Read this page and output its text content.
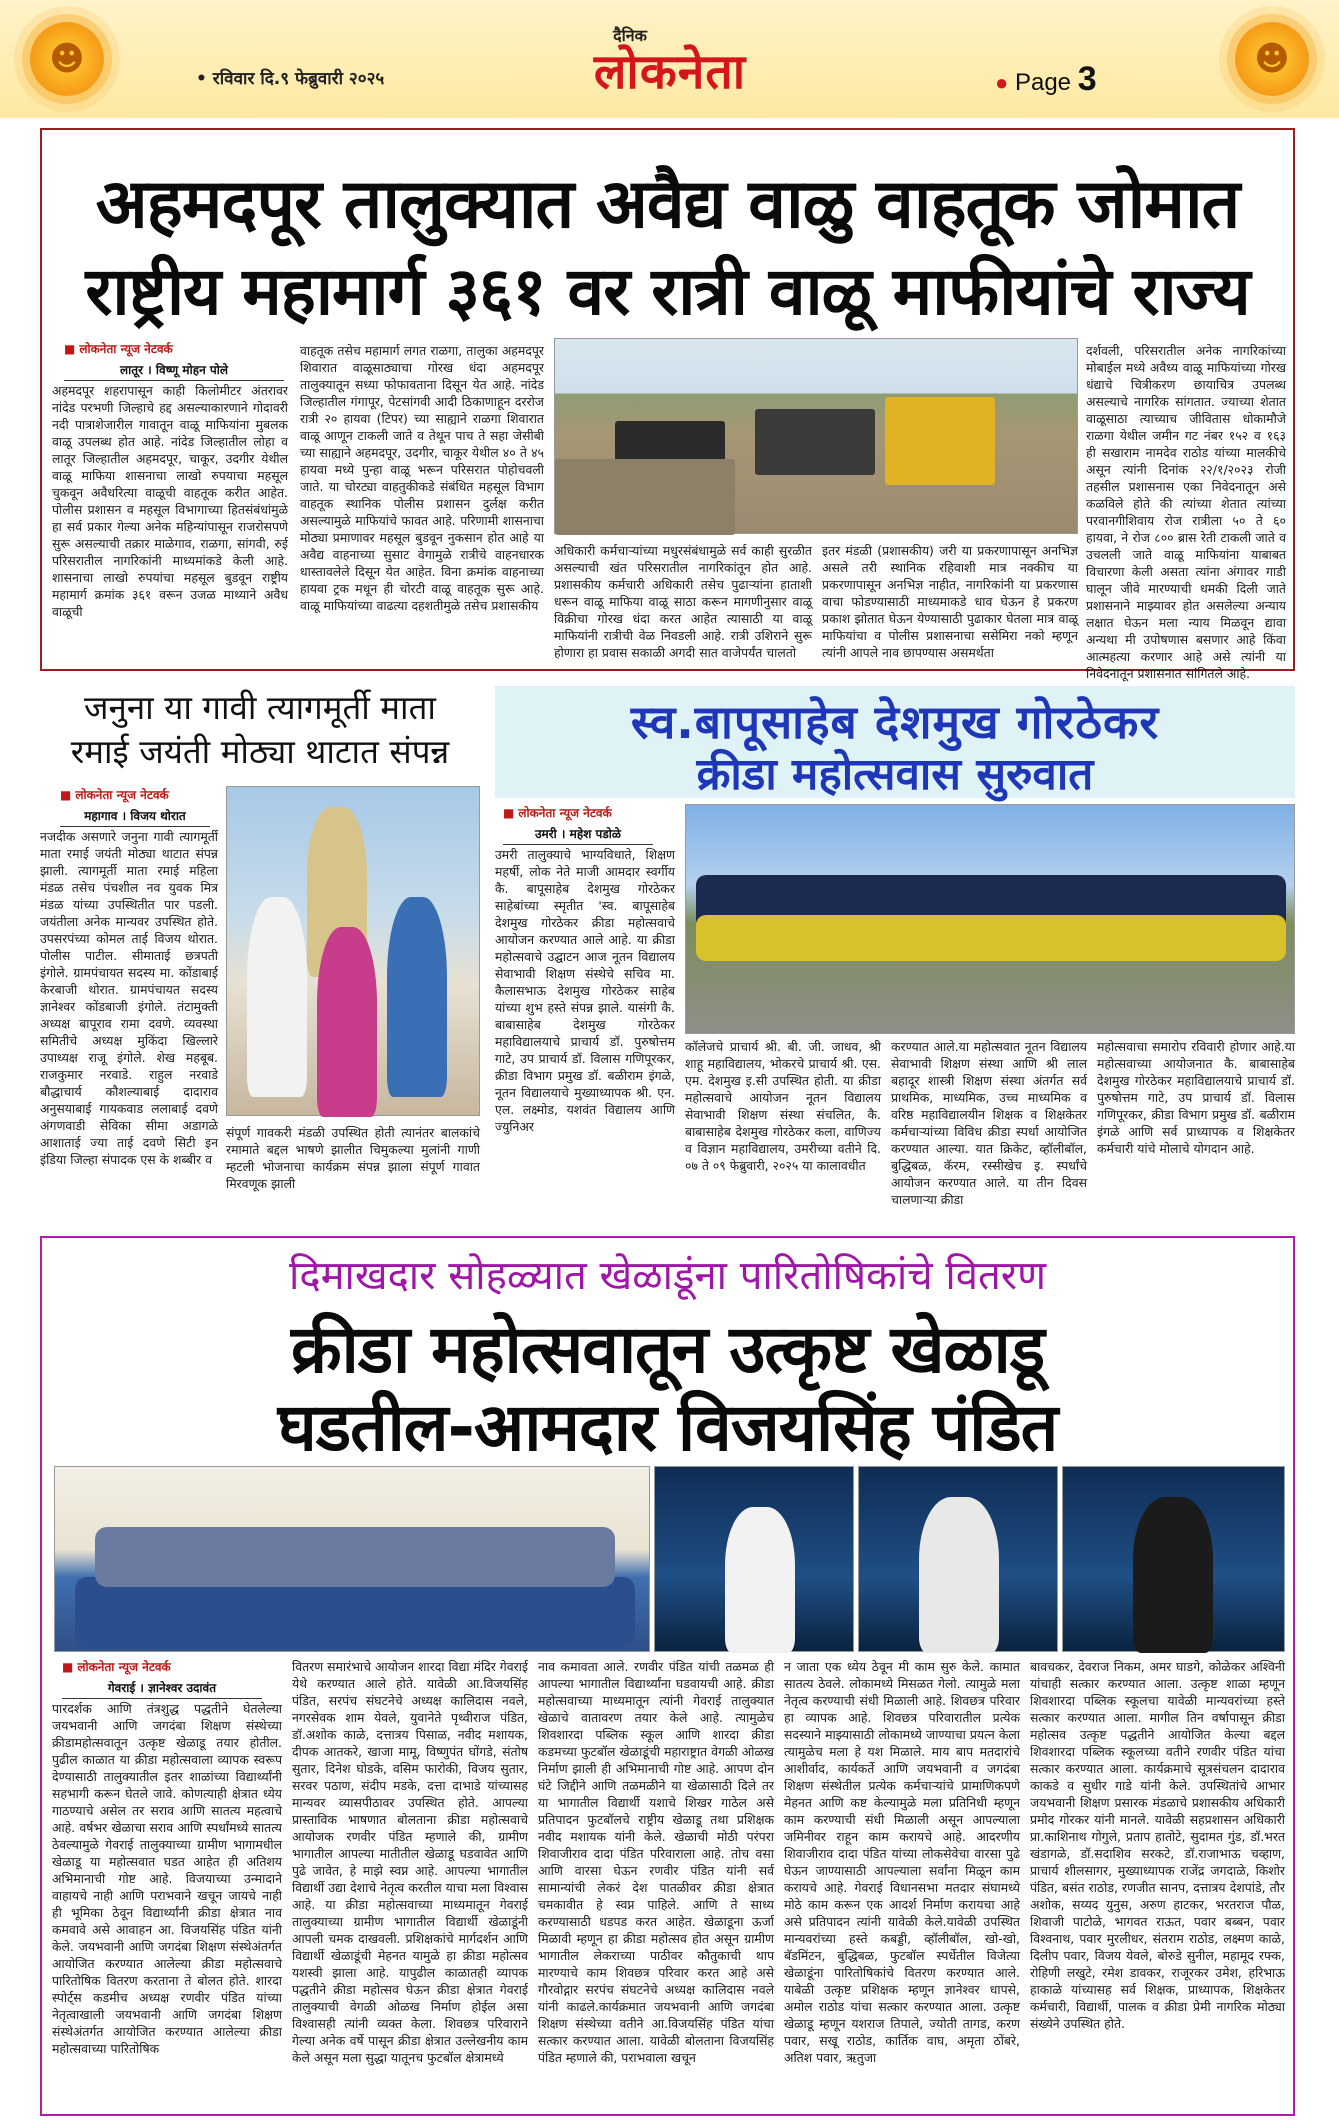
☻	• रविवार दि.९ फेब्रुवारी २०२५
दैनिक
लोकनेता	● Page 3	☻
अहमदपूर तालुक्यात अवैद्य वाळु वाहतूक जोमात
राष्ट्रीय महामार्ग ३६१ वर रात्री वाळू माफीयांचे राज्य
■ लोकनेता न्यूज नेटवर्क
लातूर । विष्णू मोहन पोले
अहमदपूर शहरापासून काही किलोमीटर अंतरावर नांदेड परभणी जिल्हाचे हद्द असल्याकारणाने गोदावरी नदी पात्राशेजारील गावातून वाळू माफियांना मुबलक वाळू उपलब्ध होत आहे. नांदेड जिल्हातील लोहा व लातूर जिल्हातील अहमदपूर, चाकूर, उदगीर येथील वाळू माफिया शासनाचा लाखो रुपयाचा महसूल चुकवून अवैधरित्या वाळूची वाहतूक करीत आहेत. पोलीस प्रशासन व महसूल विभागाच्या हितसंबंधांमुळे हा सर्व प्रकार गेल्या अनेक महिन्यांपासून राजरोसपणे सुरू असल्याची तक्रार माळेगाव, राळगा, सांगवी, रुई परिसरातील नागरिकांनी माध्यमांकडे केली आहे. शासनाचा लाखो रुपयांचा महसूल बुडवून राष्ट्रीय महामार्ग क्रमांक ३६१ वरून उजळ माथ्याने अवैध वाळूची
वाहतूक तसेच महामार्ग लगत राळगा, तालुका अहमदपूर शिवारात वाळूसाठ्याचा गोरख धंदा अहमदपूर तालुक्यातून सध्या फोफावताना दिसून येत आहे. नांदेड जिल्हातील गंगापूर, पेटसांगवी आदी ठिकाणाहून दररोज रात्री २० हायवा (टिपर) च्या साह्याने राळगा शिवारात वाळू आणून टाकली जाते व तेथून पाच ते सहा जेसीबी च्या साह्याने अहमदपूर, उदगीर, चाकूर येथील ४० ते ४५ हायवा मध्ये पुन्हा वाळू भरून परिसरात पोहोचवली जाते. या चोरट्या वाहतुकीकडे संबंधित महसूल विभाग वाहतूक स्थानिक पोलीस प्रशासन दुर्लक्ष करीत असल्यामुळे माफियांचे फावत आहे. परिणामी शासनाचा मोठ्या प्रमाणावर महसूल बुडवून नुकसान होत आहे या अवैद्य वाहनाच्या सुसाट वेगामुळे रात्रीचे वाहनधारक धास्तावलेले दिसून येत आहेत. विना क्रमांक वाहनाच्या हायवा ट्रक मधून ही चोरटी वाळू वाहतूक सुरू आहे. वाळू माफियांच्या वाढत्या दहशतीमुळे तसेच प्रशासकीय
अधिकारी कर्मचाऱ्यांच्या मधुरसंबंधामुळे सर्व काही सुरळीत असल्याची खंत परिसरातील नागरिकांतून होत आहे. प्रशासकीय कर्मचारी अधिकारी तसेच पुढाऱ्यांना हाताशी धरून वाळू माफिया वाळू साठा करून मागणीनुसार वाळू विक्रीचा गोरख धंदा करत आहेत त्यासाठी या वाळू माफियांनी रात्रीची वेळ निवडली आहे. रात्री उशिराने सुरू होणारा हा प्रवास सकाळी अगदी सात वाजेपर्यंत चालतो
इतर मंडळी (प्रशासकीय) जरी या प्रकरणापासून अनभिज्ञ असले तरी स्थानिक रहिवाशी मात्र नक्कीच या प्रकरणापासून अनभिज्ञ नाहीत, नागरिकांनी या प्रकरणास वाचा फोडण्यासाठी माध्यमाकडे धाव घेऊन हे प्रकरण प्रकाश झोतात घेऊन येण्यासाठी पुढाकार घेतला मात्र वाळू माफियांचा व पोलीस प्रशासनाचा ससेमिरा नको म्हणून त्यांनी आपले नाव छापण्यास असमर्थता
दर्शवली, परिसरातील अनेक नागरिकांच्या मोबाईल मध्ये अवैध्य वाळू माफियांच्या गोरख धंद्याचे चित्रीकरण छायाचित्र उपलब्ध असल्याचे नागरिक सांगतात. ज्याच्या शेतात वाळूसाठा त्याच्याच जीवितास धोकामौजे राळगा येथील जमीन गट नंबर १५२ व १६३ ही सखाराम नामदेव राठोड यांच्या मालकीचे असून त्यांनी दिनांक २२/१/२०२३ रोजी तहसील प्रशासनास एका निवेदनातून असे कळविले होते की त्यांच्या शेतात त्यांच्या परवानगीशिवाय रोज रात्रीला ५० ते ६० हायवा, ने रोज ८०० ब्रास रेती टाकली जाते व उचलली जाते वाळू माफियांना याबाबत विचारणा केली असता त्यांना अंगावर गाडी घालून जीवे मारण्याची धमकी दिली जाते प्रशासनाने माझ्यावर होत असलेल्या अन्याय लक्षात घेऊन मला न्याय मिळवून द्यावा अन्यथा मी उपोषणास बसणार आहे किंवा आत्महत्या करणार आहे असे त्यांनी या निवेदनातून प्रशासनात सांगितले आहे.
जनुना या गावी त्यागमूर्ती माता
रमाई जयंती मोठ्या थाटात संपन्न
■ लोकनेता न्यूज नेटवर्क
महागाव । विजय थोरात
नजदीक असणारे जनुना गावी त्यागमूर्ती माता रमाई जयंती मोठ्या थाटात संपन्न झाली. त्यागमूर्ती माता रमाई महिला मंडळ तसेच पंचशील नव युवक मित्र मंडळ यांच्या उपस्थितीत पार पडली. जयंतीला अनेक मान्यवर उपस्थित होते. उपसरपंच्या कोमल ताई विजय थोरात. पोलीस पाटील. सीमाताई छत्रपती इंगोले. ग्रामपंचायत सदस्य मा. कोंडाबाई केरबाजी थोरात. ग्रामपंचायत सदस्य ज्ञानेश्वर कोंडबाजी इंगोले. तंटामुक्ती अध्यक्ष बापूराव रामा दवणे. व्यवस्था समितीचे अध्यक्ष मुकिंदा खिल्लारे उपाध्यक्ष राजू इंगोले. शेख महबूब. राजकुमार नरवाडे. राहुल नरवाडे बौद्धाचार्य कौशल्याबाई दादाराव अनुसयाबाई गायकवाड ललाबाई दवणे अंगणवाडी सेविका सीमा अडागळे आशाताई ज्या ताई दवणे सिटी इन इंडिया जिल्हा संपादक एस के शब्बीर व
संपूर्ण गावकरी मंडळी उपस्थित होती त्यानंतर बालकांचे रमामाते बद्दल भाषणे झालीत चिमुकल्या मुलांनी गाणी म्हटली भोजनाचा कार्यक्रम संपन्न झाला संपूर्ण गावात मिरवणूक झाली
स्व.बापूसाहेब देशमुख गोरठेकर
क्रीडा महोत्सवास सुरुवात
■ लोकनेता न्यूज नेटवर्क
उमरी । महेश पडोळे
उमरी तालुक्याचे भाग्यविधाते, शिक्षण महर्षी, लोक नेते माजी आमदार स्वर्गीय कै. बापूसाहेब देशमुख गोरठेकर साहेबांच्या स्मृतीत 'स्व. बापूसाहेब देशमुख गोरठेकर क्रीडा महोत्सवाचे आयोजन करण्यात आले आहे. या क्रीडा महोत्सवाचे उद्घाटन आज नूतन विद्यालय सेवाभावी शिक्षण संस्थेचे सचिव मा. कैलासभाऊ देशमुख गोरठेकर साहेब यांच्या शुभ हस्ते संपन्न झाले. यासंगी कै. बाबासाहेब देशमुख गोरठेकर महाविद्यालयाचे प्राचार्य डॉ. पुरुषोत्तम गाटे, उप प्राचार्य डॉ. विलास गणिपूरकर, क्रीडा विभाग प्रमुख डॉ. बळीराम इंगळे, नूतन विद्यालयाचे मुख्याध्यापक श्री. एन. एल. लक्ष्मोड, यशवंत विद्यालय आणि ज्युनिअर
कॉलेजचे प्राचार्य श्री. बी. जी. जाधव, श्री शाहू महाविद्यालय, भोकरचे प्राचार्य श्री. एस. एम. देशमुख इ.सी उपस्थित होती. या क्रीडा महोत्सवाचे आयोजन नूतन विद्यालय सेवाभावी शिक्षण संस्था संचलित, कै. बाबासाहेब देशमुख गोरठेकर कला, वाणिज्य व विज्ञान महाविद्यालय, उमरीच्या वतीने दि. ०७ ते ०९ फेब्रुवारी, २०२५ या कालावधीत
करण्यात आले.या महोत्सवात नूतन विद्यालय सेवाभावी शिक्षण संस्था आणि श्री लाल बहादूर शास्त्री शिक्षण संस्था अंतर्गत सर्व प्राथमिक, माध्यमिक, उच्च माध्यमिक व वरिष्ठ महाविद्यालयीन शिक्षक व शिक्षकेतर कर्मचाऱ्यांच्या विविध क्रीडा स्पर्धा आयोजित करण्यात आल्या. यात क्रिकेट, व्हॉलीबॉल, बुद्धिबळ, कॅरम, रस्सीखेच इ. स्पर्धांचे आयोजन करण्यात आले. या तीन दिवस चालणाऱ्या क्रीडा
महोत्सवाचा समारोप रविवारी होणार आहे.या महोत्सवाच्या आयोजनात कै. बाबासाहेब देशमुख गोरठेकर महाविद्यालयाचे प्राचार्य डॉ. पुरुषोत्तम गाटे, उप प्राचार्य डॉ. विलास गणिपूरकर, क्रीडा विभाग प्रमुख डॉ. बळीराम इंगळे आणि सर्व प्राध्यापक व शिक्षकेतर कर्मचारी यांचे मोलाचे योगदान आहे.
दिमाखदार सोहळ्यात खेळाडूंना पारितोषिकांचे वितरण
क्रीडा महोत्सवातून उत्कृष्ट खेळाडू
घडतील-आमदार विजयसिंह पंडित
■ लोकनेता न्यूज नेटवर्क
गेवराई । ज्ञानेश्वर उदावंत
पारदर्शक आणि तंत्रशुद्ध पद्धतीने घेतलेल्या जयभवानी आणि जगदंबा शिक्षण संस्थेच्या क्रीडामहोत्सवातून उत्कृष्ट खेळाडू तयार होतील. पुढील काळात या क्रीडा महोत्सवाला व्यापक स्वरूप देण्यासाठी तालुक्यातील इतर शाळांच्या विद्यार्थ्यांनी सहभागी करून घेतले जावे. कोणत्याही क्षेत्रात ध्येय गाठण्याचे असेल तर सराव आणि सातत्य महत्वाचे आहे. वर्षभर खेळाचा सराव आणि स्पर्धांमध्ये सातत्य ठेवल्यामुळे गेवराई तालुक्याच्या ग्रामीण भागामधील खेळाडू या महोत्सवात घडत आहेत ही अतिशय अभिमानाची गोष्ट आहे. विजयाच्या उन्मादाने वाहायचे नाही आणि पराभवाने खचून जायचे नाही ही भूमिका ठेवून विद्यार्थ्यांनी क्रीडा क्षेत्रात नाव कमवावे असे आवाहन आ. विजयसिंह पंडित यांनी केले. जयभवानी आणि जगदंबा शिक्षण संस्थेअंतर्गत आयोजित करण्यात आलेल्या क्रीडा महोत्सवाचे पारितोषिक वितरण करताना ते बोलत होते. शारदा स्पोर्ट्स कडमीच अध्यक्ष रणवीर पंडित यांच्या नेतृत्वाखाली जयभवानी आणि जगदंबा शिक्षण संस्थेअंतर्गत आयोजित करण्यात आलेल्या क्रीडा महोत्सवाच्या पारितोषिक
वितरण समारंभाचे आयोजन शारदा विद्या मंदिर गेवराई येथे करण्यात आले होते. यावेळी आ.विजयसिंह पंडित, सरपंच संघटनेचे अध्यक्ष कालिदास नवले, नगरसेवक शाम येवले, युवानेते पृथ्वीराज पंडित, डॉ.अशोक काळे, दत्तात्रय पिसाळ, नवीद मशायक, दीपक आतकरे, खाजा मामू, विष्णुपंत घोंगडे, संतोष सुतार, दिनेश घोडके, वसिम फारोकी, विजय सुतार, सरवर पठाण, संदीप मडके, दत्ता दाभाडे यांच्यासह मान्यवर व्यासपीठावर उपस्थित होते. आपल्या प्रास्ताविक भाषणात बोलताना क्रीडा महोत्सवाचे आयोजक रणवीर पंडित म्हणाले की, ग्रामीण भागातील आपल्या मातीतील खेळाडू घडवावेत आणि पुढे जावेत, हे माझे स्वप्न आहे. आपल्या भागातील विद्यार्थी उद्या देशाचे नेतृत्व करतील याचा मला विश्वास आहे. या क्रीडा महोत्सवाच्या माध्यमातून गेवराई तालुक्याच्या ग्रामीण भागातील विद्यार्थी खेळाडूंनी आपली चमक दाखवली. प्रशिक्षकांचे मार्गदर्शन आणि विद्यार्थी खेळाडूंची मेहनत यामुळे हा क्रीडा महोत्सव यशस्वी झाला आहे. यापुढील काळातही व्यापक पद्धतीने क्रीडा महोत्सव घेऊन क्रीडा क्षेत्रात गेवराई तालुक्याची वेगळी ओळख निर्माण होईल असा विश्वासही त्यांनी व्यक्त केला. शिवछत्र परिवाराने गेल्या अनेक वर्षे पासून क्रीडा क्षेत्रात उल्लेखनीय काम केले असून मला सुद्धा यातूनच फुटबॉल क्षेत्रामध्ये
नाव कमावता आले. रणवीर पंडित यांची तळमळ ही आपल्या भागातील विद्यार्थ्यांना घडवायची आहे. क्रीडा महोत्सवाच्या माध्यमातून त्यांनी गेवराई तालुक्यात खेळाचे वातावरण तयार केले आहे. त्यामुळेच शिवशारदा पब्लिक स्कूल आणि शारदा क्रीडा कडमच्या फुटबॉल खेळाडूंची महाराष्ट्रात वेगळी ओळख निर्माण झाली ही अभिमानाची गोष्ट आहे. आपण दोन घंटे जिद्दीने आणि तळमळीने या खेळासाठी दिले तर या भागातील विद्यार्थी यशाचे शिखर गाठेल असे प्रतिपादन फुटबॉलचे राष्ट्रीय खेळाडू तथा प्रशिक्षक नवीद मशायक यांनी केले. खेळाची मोठी परंपरा शिवाजीराव दादा पंडित परिवाराला आहे. तोच वसा आणि वारसा घेऊन रणवीर पंडित यांनी सर्व सामान्यांची लेकरं देश पातळीवर क्रीडा क्षेत्रात चमकावीत हे स्वप्न पाहिले. आणि ते साध्य करण्यासाठी धडपड करत आहेत. खेळाडूना ऊर्जा मिळावी म्हणून हा क्रीडा महोत्सव होत असून ग्रामीण भागातील लेकराच्या पाठीवर कौतुकाची थाप मारण्याचे काम शिवछत्र परिवार करत आहे असे गौरवोद्गार सरपंच संघटनेचे अध्यक्ष कालिदास नवले यांनी काढले.कार्यक्रमात जयभवानी आणि जगदंबा शिक्षण संस्थेच्या वतीने आ.विजयसिंह पंडित यांचा सत्कार करण्यात आला. यावेळी बोलताना विजयसिंह पंडित म्हणाले की, पराभवाला खचून
न जाता एक ध्येय ठेवून मी काम सुरु केले. कामात सातत्य ठेवले. लोकामध्ये मिसळत गेलो. त्यामुळे मला नेतृत्व करण्याची संधी मिळाली आहे. शिवछत्र परिवार हा व्यापक आहे. शिवछत्र परिवारातील प्रत्येक सदस्याने माझ्यासाठी लोकामध्ये जाण्याचा प्रयत्न केला त्यामुळेच मला हे यश मिळाले. माय बाप मतदारांचे आशीर्वाद, कार्यकर्ते आणि जयभवानी व जगदंबा शिक्षण संस्थेतील प्रत्येक कर्मचाऱ्यांचे प्रामाणिकपणे मेहनत आणि कष्ट केल्यामुळे मला प्रतिनिधी म्हणून काम करण्याची संधी मिळाली असून आपल्याला जमिनीवर राहून काम करायचे आहे. आदरणीय शिवाजीराव दादा पंडित यांच्या लोकसेवेचा वारसा पुढे घेऊन जाण्यासाठी आपल्याला सर्वांना मिळून काम करायचे आहे. गेवराई विधानसभा मतदार संघामध्ये मोठे काम करून एक आदर्श निर्माण करायचा आहे असे प्रतिपादन त्यांनी यावेळी केले.यावेळी उपस्थित मान्यवरांच्या हस्ते कबड्डी, व्हॉलीबॉल, खो-खो, बॅडमिंटन, बुद्धिबळ, फुटबॉल स्पर्धेतील विजेत्या खेळाडूंना पारितोषिकांचे वितरण करण्यात आले. याबेळी उत्कृष्ट प्रशिक्षक म्हणून ज्ञानेश्वर धापसे, अमोल राठोड यांचा सत्कार करण्यात आला. उत्कृष्ट खेळाडू म्हणून यशराज तिपाले, ज्योती तागड, करण पवार, सखू राठोड, कार्तिक वाघ, अमृता ठोंबरे, अतिश पवार, ऋतुजा
बावचकर, देवराज निकम, अमर घाडगे, कोळेकर अश्विनी यांचाही सत्कार करण्यात आला. उत्कृष्ट शाळा म्हणून शिवशारदा पब्लिक स्कूलचा यावेळी मान्यवरांच्या हस्ते सत्कार करण्यात आला. मागील तिन वर्षापासून क्रीडा महोत्सव उत्कृष्ट पद्धतीने आयोजित केल्या बद्दल शिवशारदा पब्लिक स्कूलच्या वतीने रणवीर पंडित यांचा सत्कार करण्यात आला. कार्यक्रमाचे सूत्रसंचलन दादाराव काकडे व सुधीर गाडे यांनी केले. उपस्थितांचे आभार जयभवानी शिक्षण प्रसारक मंडळाचे प्रशासकीय अधिकारी प्रमोद गोरकर यांनी मानले. यावेळी सहप्रशासन अधिकारी प्रा.काशिनाथ गोगुले, प्रताप हातोटे, सुदामत गुंड, डॉ.भरत खंडागळे, डॉ.सदाशिव सरकटे, डॉ.राजाभाऊ चव्हाण, प्राचार्य शीलसागर, मुख्याध्यापक राजेंद्र जगदाळे, किशोर पंडित, बसंत राठोड, रणजीत सानप, दत्तात्रय देशपांडे, तौर अशोक, सय्यद युनुस, अरुण हाटकर, भरतराज पौळ, शिवाजी पाटोळे, भागवत राऊत, पवार बब्बन, पवार विश्वनाथ, पवार मुरलीधर, संतराम राठोड, लक्ष्मण काळे, दिलीप पवार, विजय येवले, बोरुडे सुनील, महामूद रफ्क, रोहिणी लखुटे, रमेश डावकर, राजूरकर उमेश, हरिभाऊ हाकाळे यांच्यासह सर्व शिक्षक, प्राध्यापक, शिक्षकेतर कर्मचारी, विद्यार्थी, पालक व क्रीडा प्रेमी नागरिक मोठ्या संख्येने उपस्थित होते.
